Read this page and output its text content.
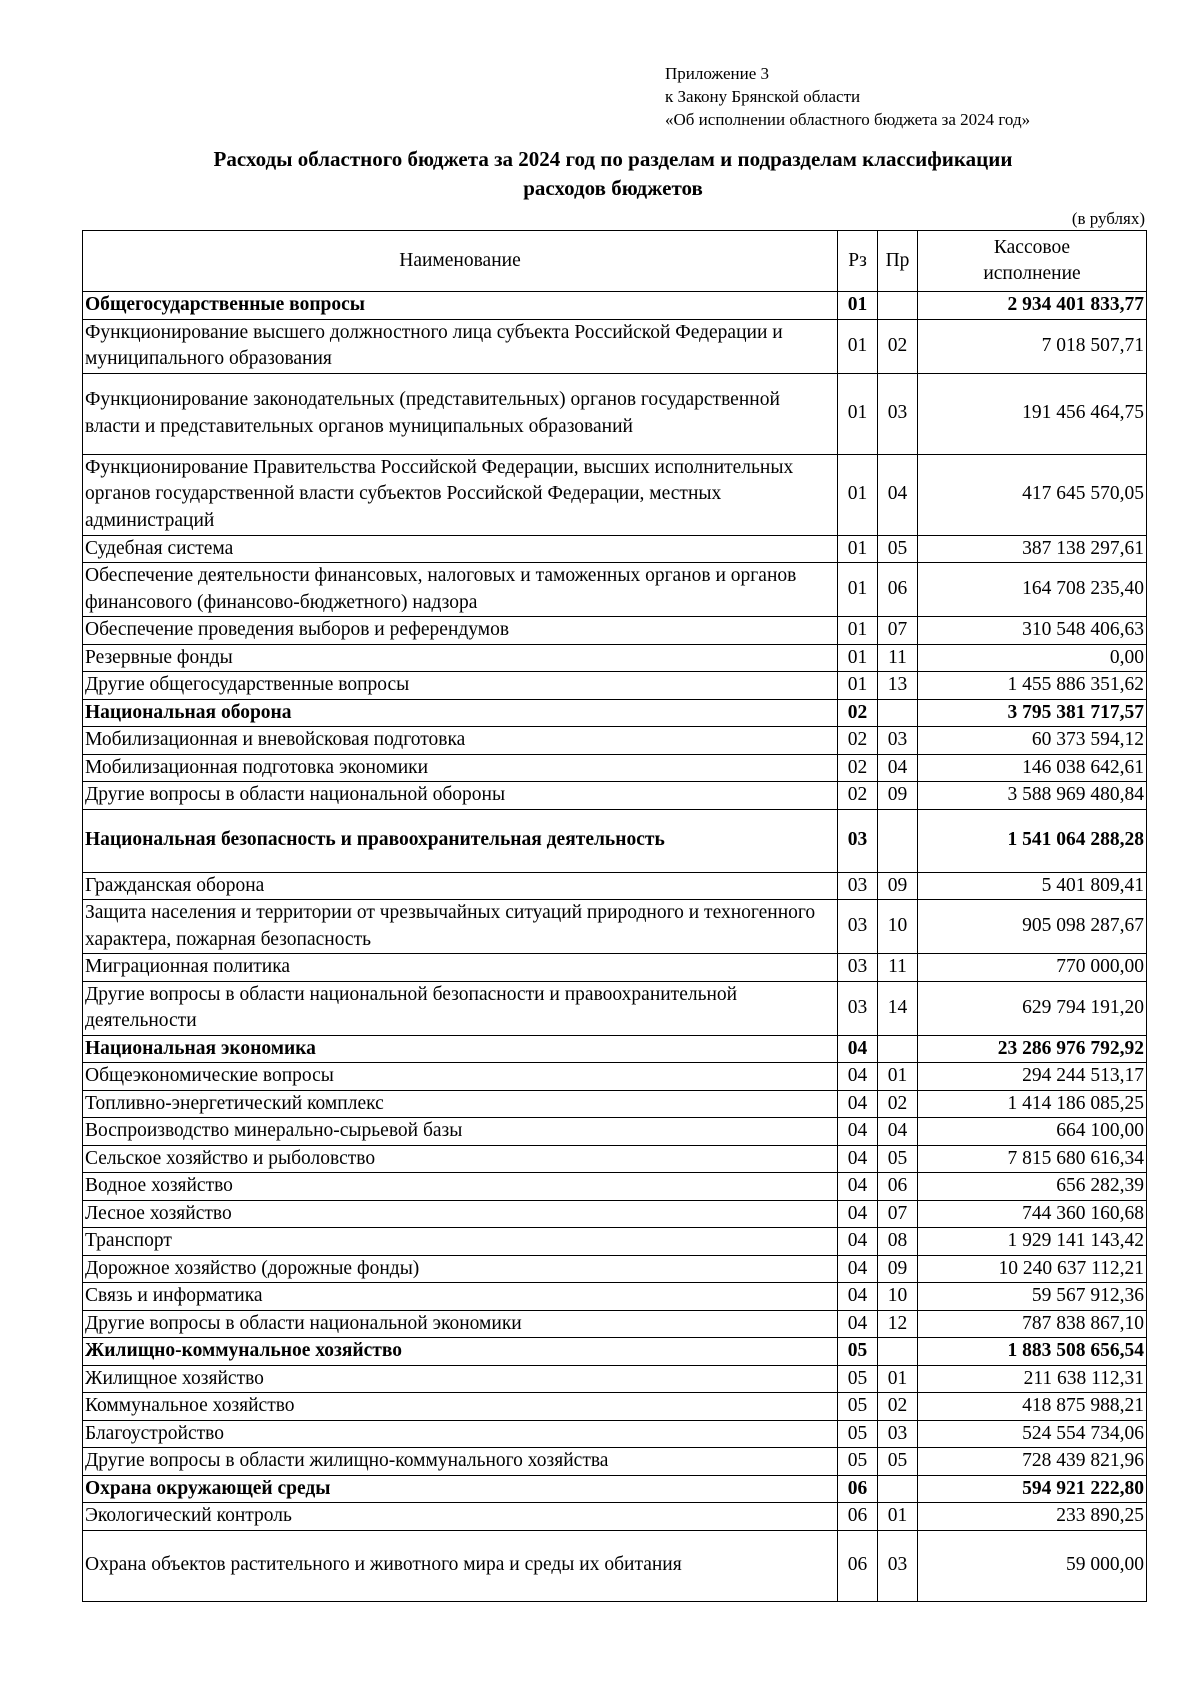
Приложение 3
к Закону Брянской области
«Об исполнении областного бюджета за 2024 год»
Расходы областного бюджета за 2024 год по разделам и подразделам классификации
расходов бюджетов
(в рублях)
Наименование	Рз	Пр	Кассовое
исполнение

Общегосударственные вопросы	01		2 934 401 833,77
Функционирование высшего должностного лица субъекта Российской Федерации и муниципального образования	01	02	7 018 507,71
Функционирование законодательных (представительных) органов государственной власти и представительных органов муниципальных образований	01	03	191 456 464,75
Функционирование Правительства Российской Федерации, высших исполнительных органов государственной власти субъектов Российской Федерации, местных администраций	01	04	417 645 570,05
Судебная система	01	05	387 138 297,61
Обеспечение деятельности финансовых, налоговых и таможенных органов и органов финансового (финансово-бюджетного) надзора	01	06	164 708 235,40
Обеспечение проведения выборов и референдумов	01	07	310 548 406,63
Резервные фонды	01	11	0,00
Другие общегосударственные вопросы	01	13	1 455 886 351,62
Национальная оборона	02		3 795 381 717,57
Мобилизационная и вневойсковая подготовка	02	03	60 373 594,12
Мобилизационная подготовка экономики	02	04	146 038 642,61
Другие вопросы в области национальной обороны	02	09	3 588 969 480,84
Национальная безопасность и правоохранительная деятельность	03		1 541 064 288,28
Гражданская оборона	03	09	5 401 809,41
Защита населения и территории от чрезвычайных ситуаций природного и техногенного характера, пожарная безопасность	03	10	905 098 287,67
Миграционная политика	03	11	770 000,00
Другие вопросы в области национальной безопасности и правоохранительной деятельности	03	14	629 794 191,20
Национальная экономика	04		23 286 976 792,92
Общеэкономические вопросы	04	01	294 244 513,17
Топливно-энергетический комплекс	04	02	1 414 186 085,25
Воспроизводство минерально-сырьевой базы	04	04	664 100,00
Сельское хозяйство и рыболовство	04	05	7 815 680 616,34
Водное хозяйство	04	06	656 282,39
Лесное хозяйство	04	07	744 360 160,68
Транспорт	04	08	1 929 141 143,42
Дорожное хозяйство (дорожные фонды)	04	09	10 240 637 112,21
Связь и информатика	04	10	59 567 912,36
Другие вопросы в области национальной экономики	04	12	787 838 867,10
Жилищно-коммунальное хозяйство	05		1 883 508 656,54
Жилищное хозяйство	05	01	211 638 112,31
Коммунальное хозяйство	05	02	418 875 988,21
Благоустройство	05	03	524 554 734,06
Другие вопросы в области жилищно-коммунального хозяйства	05	05	728 439 821,96
Охрана окружающей среды	06		594 921 222,80
Экологический контроль	06	01	233 890,25
Охрана объектов растительного и животного мира и среды их обитания	06	03	59 000,00
